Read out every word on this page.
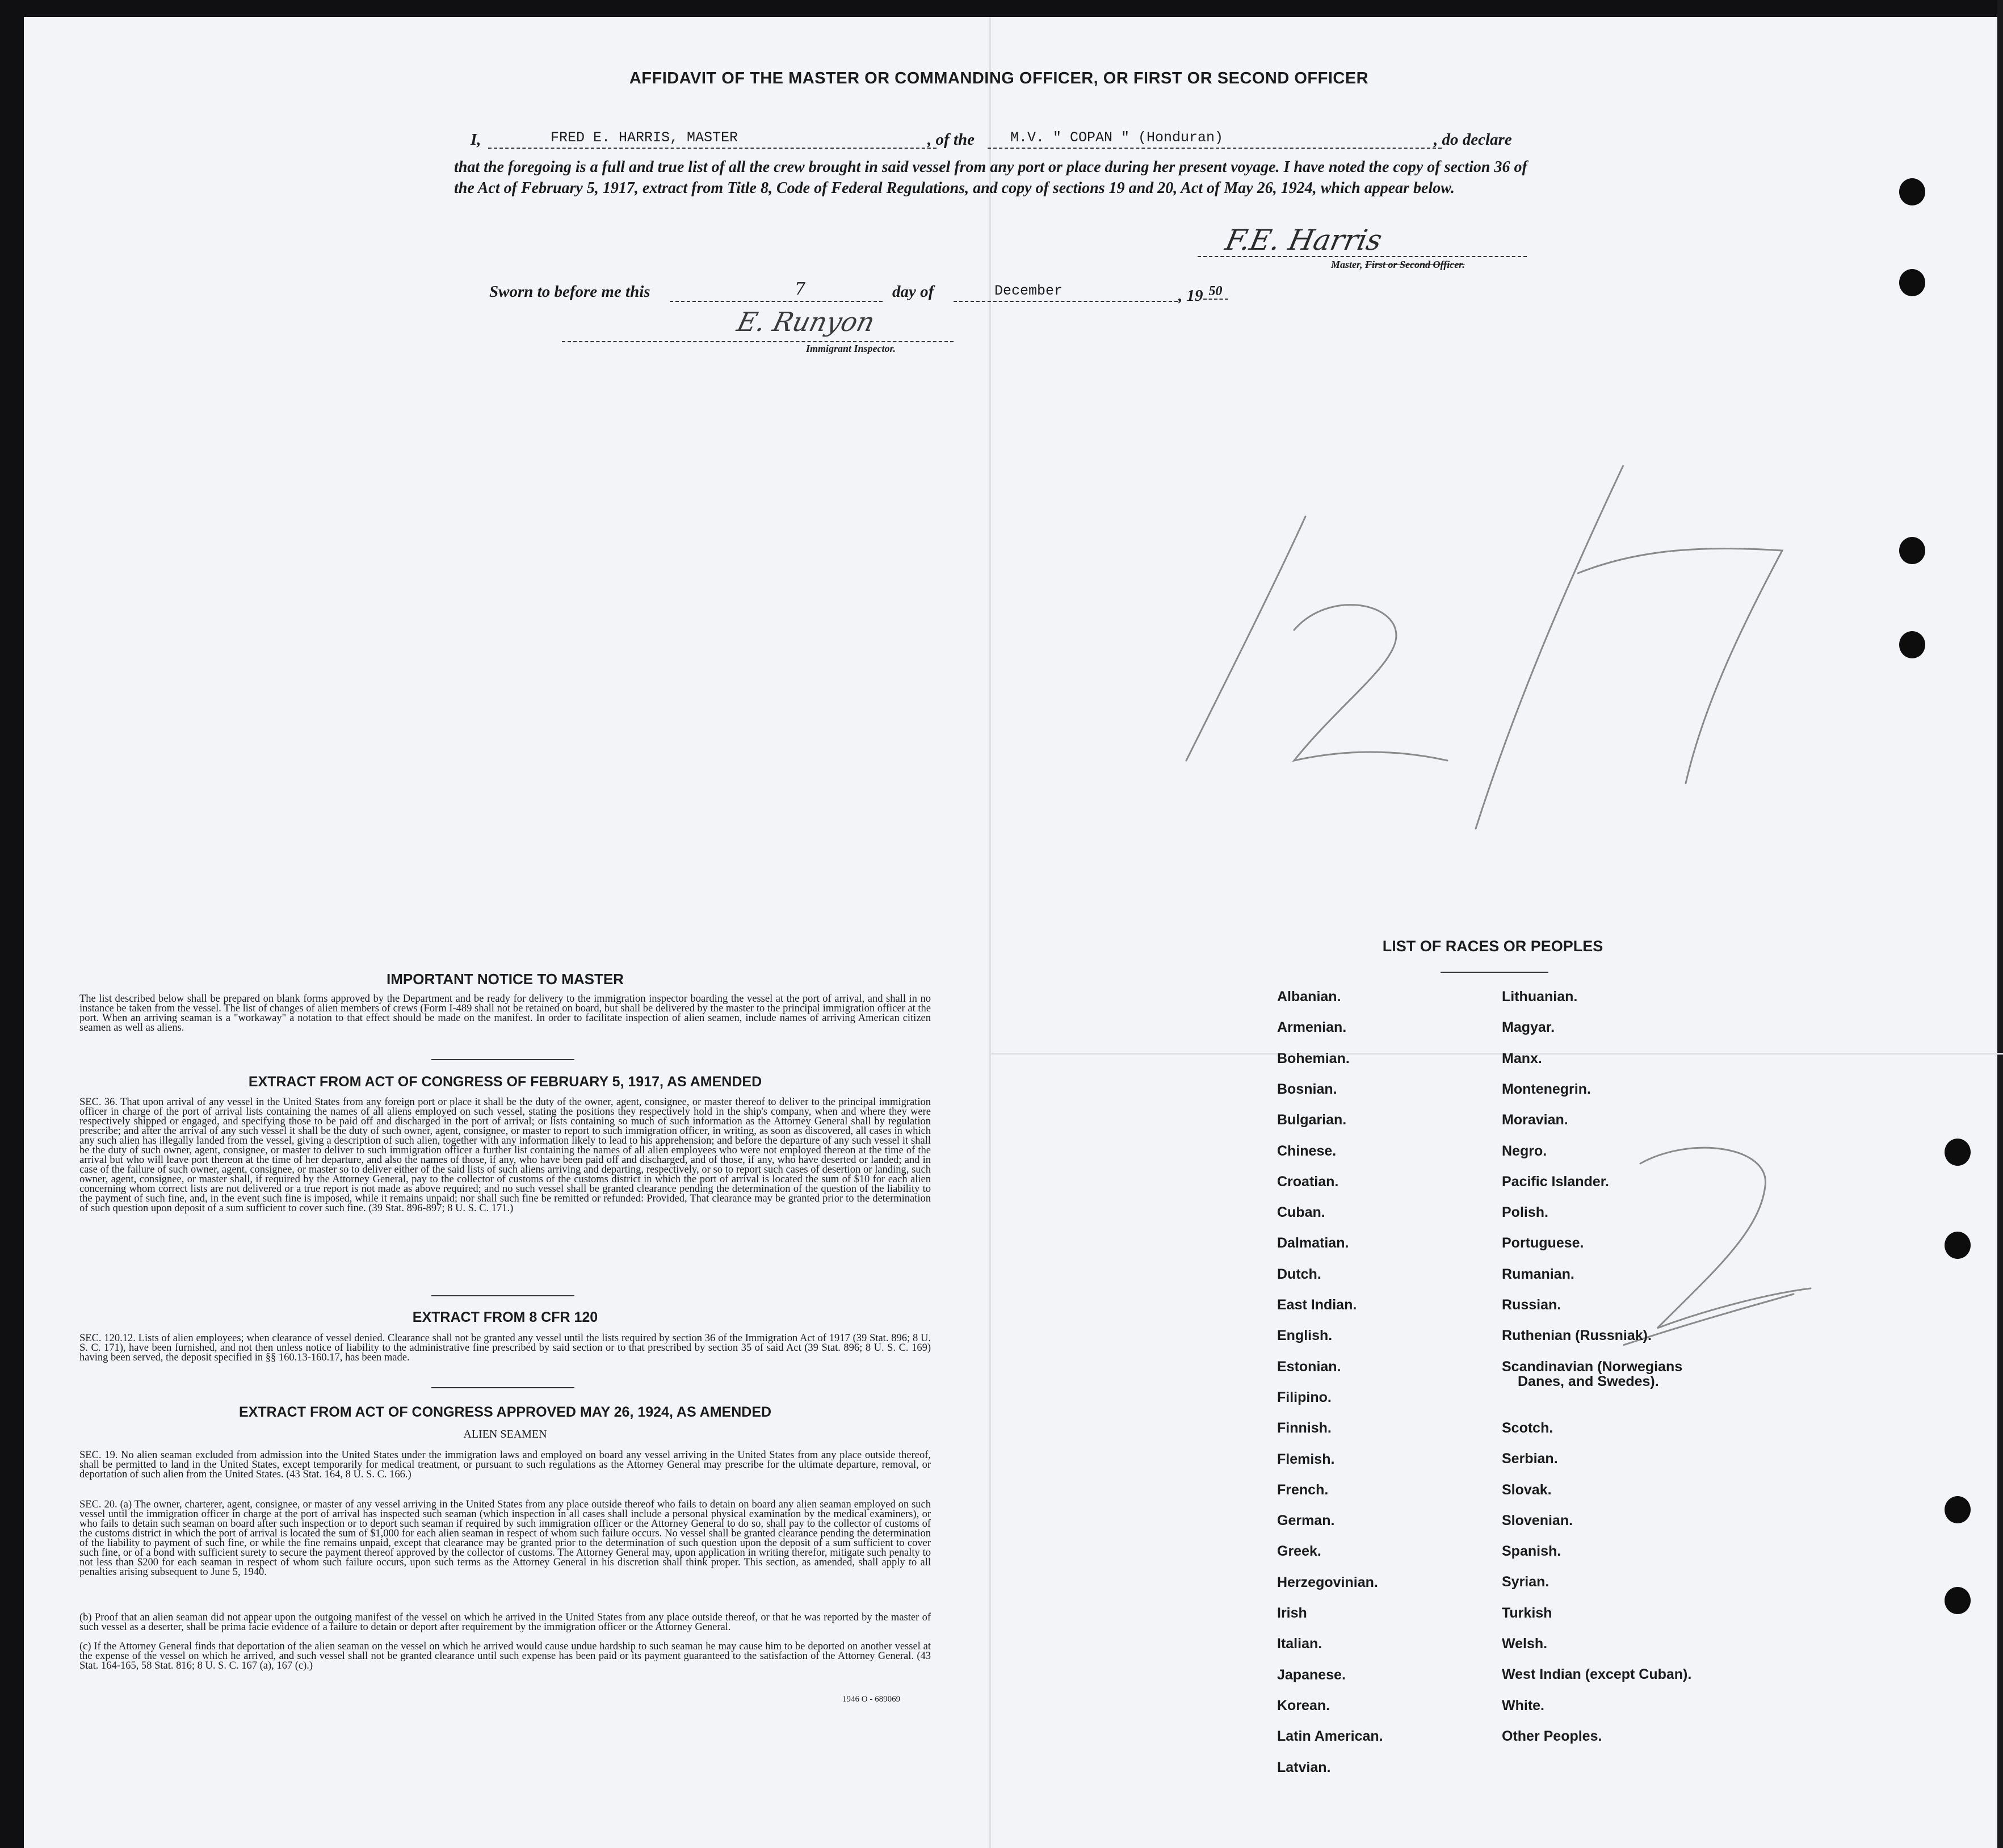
AFFIDAVIT OF THE MASTER OR COMMANDING OFFICER, OR FIRST OR SECOND OFFICER
I,	FRED E. HARRIS, MASTER	, of the	M.V. " COPAN " (Honduran)	, do declare
that the foregoing is a full and true list of all the crew brought in said vessel from any port or place during her present voyage. I have noted the copy of section 36 of the Act of February 5, 1917, extract from Title 8, Code of Federal Regulations, and copy of sections 19 and 20, Act of May 26, 1924, which appear below.
F.E. Harris
Master, First or Second Officer.
Sworn to before me this	7	day of	December	, 19 $^{50}$
E. Runyon
Immigrant Inspector.
IMPORTANT NOTICE TO MASTER
The list described below shall be prepared on blank forms approved by the Department and be ready for delivery to the immigration inspector boarding the vessel at the port of arrival, and shall in no instance be taken from the vessel. The list of changes of alien members of crews (Form I-489 shall not be retained on board, but shall be delivered by the master to the principal immigration officer at the port. When an arriving seaman is a "workaway" a notation to that effect should be made on the manifest. In order to facilitate inspection of alien seamen, include names of arriving American citizen seamen as well as aliens.
EXTRACT FROM ACT OF CONGRESS OF FEBRUARY 5, 1917, AS AMENDED
SEC. 36. That upon arrival of any vessel in the United States from any foreign port or place it shall be the duty of the owner, agent, consignee, or master thereof to deliver to the principal immigration officer in charge of the port of arrival lists containing the names of all aliens employed on such vessel, stating the positions they respectively hold in the ship's company, when and where they were respectively shipped or engaged, and specifying those to be paid off and discharged in the port of arrival; or lists containing so much of such information as the Attorney General shall by regulation prescribe; and after the arrival of any such vessel it shall be the duty of such owner, agent, consignee, or master to report to such immigration officer, in writing, as soon as discovered, all cases in which any such alien has illegally landed from the vessel, giving a description of such alien, together with any information likely to lead to his apprehension; and before the departure of any such vessel it shall be the duty of such owner, agent, consignee, or master to deliver to such immigration officer a further list containing the names of all alien employees who were not employed thereon at the time of the arrival but who will leave port thereon at the time of her departure, and also the names of those, if any, who have been paid off and discharged, and of those, if any, who have deserted or landed; and in case of the failure of such owner, agent, consignee, or master so to deliver either of the said lists of such aliens arriving and departing, respectively, or so to report such cases of desertion or landing, such owner, agent, consignee, or master shall, if required by the Attorney General, pay to the collector of customs of the customs district in which the port of arrival is located the sum of $10 for each alien concerning whom correct lists are not delivered or a true report is not made as above required; and no such vessel shall be granted clearance pending the determination of the question of the liability to the payment of such fine, and, in the event such fine is imposed, while it remains unpaid; nor shall such fine be remitted or refunded: Provided, That clearance may be granted prior to the determination of such question upon deposit of a sum sufficient to cover such fine. (39 Stat. 896-897; 8 U. S. C. 171.)
EXTRACT FROM 8 CFR 120
SEC. 120.12. Lists of alien employees; when clearance of vessel denied. Clearance shall not be granted any vessel until the lists required by section 36 of the Immigration Act of 1917 (39 Stat. 896; 8 U. S. C. 171), have been furnished, and not then unless notice of liability to the administrative fine prescribed by said section or to that prescribed by section 35 of said Act (39 Stat. 896; 8 U. S. C. 169) having been served, the deposit specified in §§ 160.13-160.17, has been made.
EXTRACT FROM ACT OF CONGRESS APPROVED MAY 26, 1924, AS AMENDED
ALIEN SEAMEN
SEC. 19. No alien seaman excluded from admission into the United States under the immigration laws and employed on board any vessel arriving in the United States from any place outside thereof, shall be permitted to land in the United States, except temporarily for medical treatment, or pursuant to such regulations as the Attorney General may prescribe for the ultimate departure, removal, or deportation of such alien from the United States. (43 Stat. 164, 8 U. S. C. 166.)
SEC. 20. (a) The owner, charterer, agent, consignee, or master of any vessel arriving in the United States from any place outside thereof who fails to detain on board any alien seaman employed on such vessel until the immigration officer in charge at the port of arrival has inspected such seaman (which inspection in all cases shall include a personal physical examination by the medical examiners), or who fails to detain such seaman on board after such inspection or to deport such seaman if required by such immigration officer or the Attorney General to do so, shall pay to the collector of customs of the customs district in which the port of arrival is located the sum of $1,000 for each alien seaman in respect of whom such failure occurs. No vessel shall be granted clearance pending the determination of the liability to payment of such fine, or while the fine remains unpaid, except that clearance may be granted prior to the determination of such question upon the deposit of a sum sufficient to cover such fine, or of a bond with sufficient surety to secure the payment thereof approved by the collector of customs. The Attorney General may, upon application in writing therefor, mitigate such penalty to not less than $200 for each seaman in respect of whom such failure occurs, upon such terms as the Attorney General in his discretion shall think proper. This section, as amended, shall apply to all penalties arising subsequent to June 5, 1940.
(b) Proof that an alien seaman did not appear upon the outgoing manifest of the vessel on which he arrived in the United States from any place outside thereof, or that he was reported by the master of such vessel as a deserter, shall be prima facie evidence of a failure to detain or deport after requirement by the immigration officer or the Attorney General.
(c) If the Attorney General finds that deportation of the alien seaman on the vessel on which he arrived would cause undue hardship to such seaman he may cause him to be deported on another vessel at the expense of the vessel on which he arrived, and such vessel shall not be granted clearance until such expense has been paid or its payment guaranteed to the satisfaction of the Attorney General. (43 Stat. 164-165, 58 Stat. 816; 8 U. S. C. 167 (a), 167 (c).)
1946 O - 689069
LIST OF RACES OR PEOPLES
Albanian.
Armenian.
Bohemian.
Bosnian.
Bulgarian.
Chinese.
Croatian.
Cuban.
Dalmatian.
Dutch.
East Indian.
English.
Estonian.
Filipino.
Finnish.
Flemish.
French.
German.
Greek.
Herzegovinian.
Irish
Italian.
Japanese.
Korean.
Latin American.
Latvian.
Lithuanian.
Magyar.
Manx.
Montenegrin.
Moravian.
Negro.
Pacific Islander.
Polish.
Portuguese.
Rumanian.
Russian.
Ruthenian (Russniak).
Scandinavian (Norwegians
Danes, and Swedes).
Scotch.
Serbian.
Slovak.
Slovenian.
Spanish.
Syrian.
Turkish
Welsh.
West Indian (except Cuban).
White.
Other Peoples.
